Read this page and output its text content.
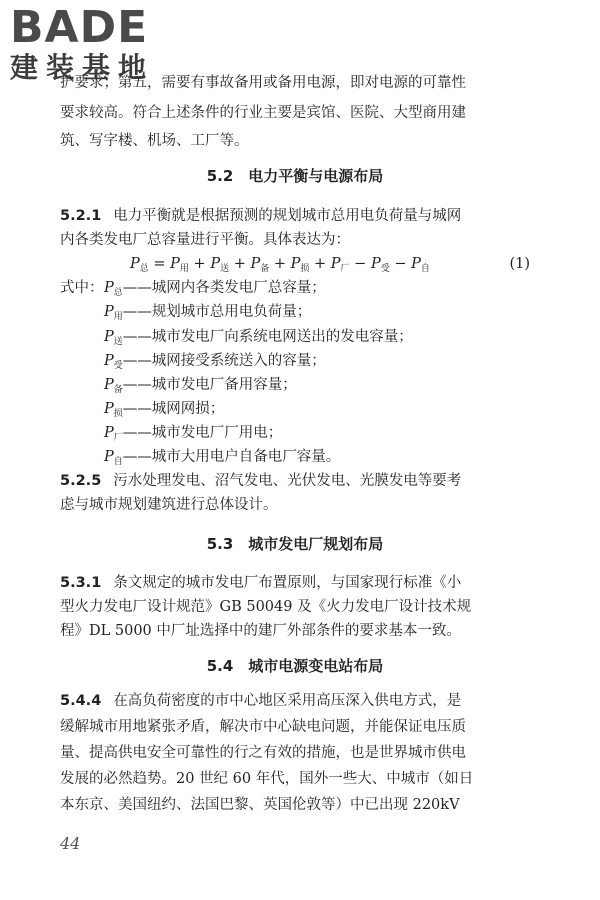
BADE
建装基地
护要求；第五，需要有事故备用或备用电源，即对电源的可靠性
要求较高。符合上述条件的行业主要是宾馆、医院、大型商用建
筑、写字楼、机场、工厂等。
5.2　电力平衡与电源布局
5.2.1 电力平衡就是根据预测的规划城市总用电负荷量与城网
内各类发电厂总容量进行平衡。具体表达为：
$P_总 = P_用 + P_送 + P_备 + P_损 + P_厂 - P_受 - P_自$	(1)
式中： $P_总——$城网内各类发电厂总容量；
$P_用——$规划城市总用电负荷量；
$P_送——$城市发电厂向系统电网送出的发电容量；
$P_受——$城网接受系统送入的容量；
$P_备——$城市发电厂备用容量；
$P_损——$城网网损；
$P_厂——$城市发电厂厂用电；
$P_自——$城市大用电户自备电厂容量。
5.2.5 污水处理发电、沼气发电、光伏发电、光膜发电等要考
虑与城市规划建筑进行总体设计。
5.3　城市发电厂规划布局
5.3.1 条文规定的城市发电厂布置原则，与国家现行标准《小
型火力发电厂设计规范》GB 50049 及《火力发电厂设计技术规
程》DL 5000 中厂址选择中的建厂外部条件的要求基本一致。
5.4　城市电源变电站布局
5.4.4 在高负荷密度的市中心地区采用高压深入供电方式，是
缓解城市用地紧张矛盾，解决市中心缺电问题，并能保证电压质
量、提高供电安全可靠性的行之有效的措施，也是世界城市供电
发展的必然趋势。20 世纪 60 年代，国外一些大、中城市（如日
本东京、美国纽约、法国巴黎、英国伦敦等）中已出现 220kV
44
